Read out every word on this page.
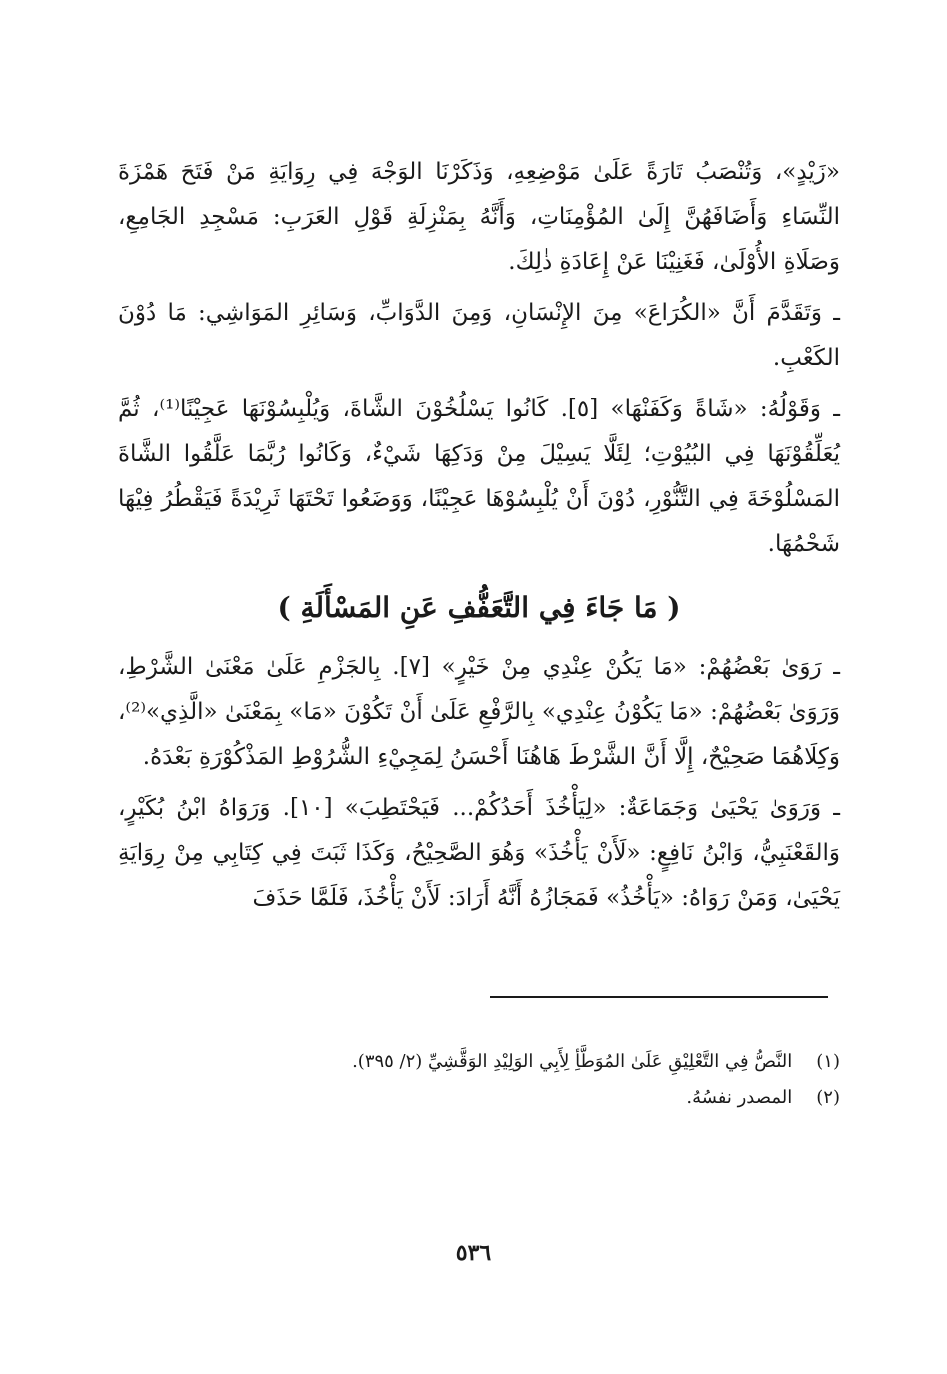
«زَيْدٍ»، وَتُنْصَبُ تَارَةً عَلَىٰ مَوْضِعِهِ، وَذَكَرْنَا الوَجْهَ فِي رِوَايَةِ مَنْ فَتَحَ هَمْزَةَ النِّسَاءِ وَأَضَافَهُنَّ إِلَىٰ المُؤْمِنَاتِ، وَأَنَّهُ بِمَنْزِلَةِ قَوْلِ العَرَبِ: مَسْجِدِ الجَامِعِ، وَصَلَاةِ الأُوْلَىٰ، فَغَنِيْنَا عَنْ إِعَادَةِ ذٰلِكَ.

ـ وَتَقَدَّمَ أَنَّ «الكُرَاعَ» مِنَ الإِنْسَانِ، وَمِنَ الدَّوَابِّ، وَسَائِرِ المَوَاشِي: مَا دُوْنَ الكَعْبِ.

ـ وَقَوْلُهُ: «شَاةً وَكَفَنْهَا» [٥]. كَانُوا يَسْلُخُوْنَ الشَّاةَ، وَيُلْبِسُوْنَهَا عَجِيْنًا⁽¹⁾، ثُمَّ يُعَلِّقُوْنَهَا فِي البُيُوْتِ؛ لِئَلَّا يَسِيْلَ مِنْ وَدَكِهَا شَيْءٌ، وَكَانُوا رُبَّمَا عَلَّقُوا الشَّاةَ المَسْلُوْخَةَ فِي التَّنُّوْرِ، دُوْنَ أَنْ يُلْبِسُوْهَا عَجِيْنًا، وَوَضَعُوا تَحْتَهَا ثَرِيْدَةً فَيَقْطُرُ فِيْهَا شَحْمُهَا.

( مَا جَاءَ فِي التَّعَفُّفِ عَنِ المَسْأَلَةِ )

ـ رَوَىٰ بَعْضُهُمْ: «مَا يَكُنْ عِنْدِي مِنْ خَيْرٍ» [٧]. بِالجَزْمِ عَلَىٰ مَعْنَىٰ الشَّرْطِ، وَرَوَىٰ بَعْضُهُمْ: «مَا يَكُوْنُ عِنْدِي» بِالرَّفْعِ عَلَىٰ أَنْ تَكُوْنَ «مَا» بِمَعْنَىٰ «الَّذِي»⁽²⁾، وَكِلَاهُمَا صَحِيْحٌ، إِلَّا أَنَّ الشَّرْطَ هَاهُنَا أَحْسَنُ لِمَجِيْءِ الشُّرُوْطِ المَذْكُوْرَةِ بَعْدَهُ.

ـ وَرَوَىٰ يَحْيَىٰ وَجَمَاعَةٌ: «لِيَأْخُذَ أَحَدُكُمْ... فَيَحْتَطِبَ» [١٠]. وَرَوَاهُ ابْنُ بُكَيْرٍ، وَالقَعْنَبِيُّ، وَابْنُ نَافِعٍ: «لَأَنْ يَأْخُذَ» وَهُوَ الصَّحِيْحُ، وَكَذَا ثَبَتَ فِي كِتَابِي مِنْ رِوَايَةِ يَحْيَىٰ، وَمَنْ رَوَاهُ: «يَأْخُذُ» فَمَجَازُهُ أَنَّهُ أَرَادَ: لَأَنْ يَأْخُذَ، فَلَمَّا حَذَفَ

(١) النَّصُّ فِي التَّعْلِيْقِ عَلَىٰ المُوَطَّأِ لِأَبِي الوَلِيْدِ الوَقَّشِيِّ (٢/ ٣٩٥).

(٢) المصدر نفسُهُ.

٥٣٦
